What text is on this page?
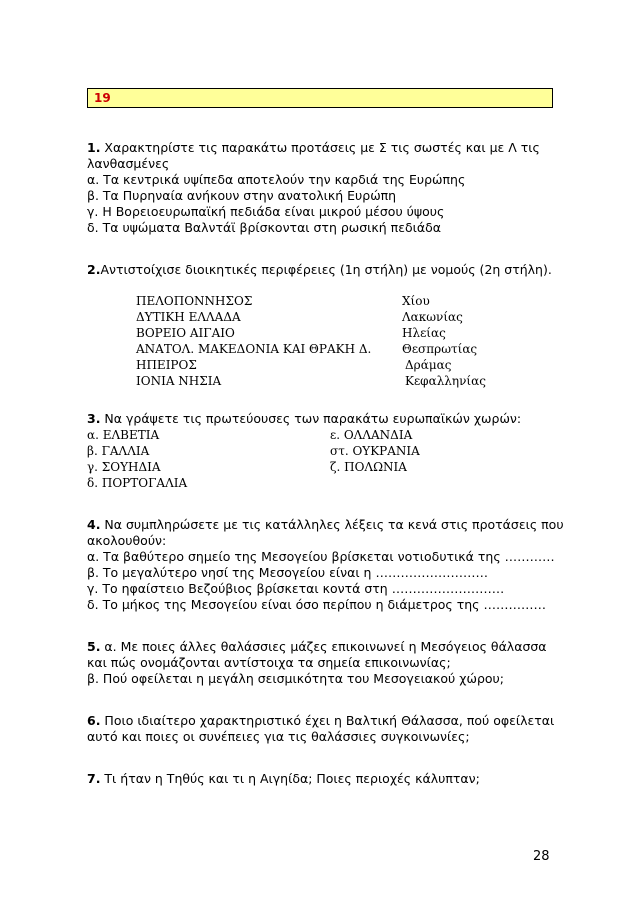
19
1. Χαρακτηρίστε τις παρακάτω προτάσεις με Σ τις σωστές και με Λ τις
λανθασμένες
α. Τα κεντρικά υψίπεδα αποτελούν την καρδιά της Ευρώπης
β. Τα Πυρηναία ανήκουν στην ανατολική Ευρώπη
γ. Η Βορειοευρωπαϊκή πεδιάδα είναι μικρού μέσου ύψους
δ. Τα υψώματα Βαλντάϊ βρίσκονται στη ρωσική πεδιάδα
2.Αντιστοίχισε διοικητικές περιφέρειες (1η στήλη) με νομούς (2η στήλη).
ΠΕΛΟΠΟΝΝΗΣΟΣ
ΔΥΤΙΚΗ ΕΛΛΑΔΑ
ΒΟΡΕΙΟ ΑΙΓΑΙΟ
ΑΝΑΤΟΛ. ΜΑΚΕΔΟΝΙΑ ΚΑΙ ΘΡΑΚΗ Δ.
ΗΠΕΙΡΟΣ
ΙΟΝΙΑ ΝΗΣΙΑ
Χίου
Λακωνίας
Ηλείας
Θεσπρωτίας
Δράμας
Κεφαλληνίας
3. Να γράψετε τις πρωτεύουσες των παρακάτω ευρωπαϊκών χωρών:
α. ΕΛΒΕΤΙΑ
β. ΓΑΛΛΙΑ
γ. ΣΟΥΗΔΙΑ
δ. ΠΟΡΤΟΓΑΛΙΑ
ε. ΟΛΛΑΝΔΙΑ
στ. ΟΥΚΡΑΝΙΑ
ζ. ΠΟΛΩΝΙΑ
4. Να συμπληρώσετε με τις κατάλληλες λέξεις τα κενά στις προτάσεις που
ακολουθούν:
α. Τα βαθύτερο σημείο της Μεσογείου βρίσκεται νοτιοδυτικά της …………
β. Το μεγαλύτερο νησί της Μεσογείου είναι η ………………………
γ. Το ηφαίστειο Βεζούβιος βρίσκεται κοντά στη ………………………
δ. Το μήκος της Μεσογείου είναι όσο περίπου η διάμετρος της ……………
5. α. Με ποιες άλλες θαλάσσιες μάζες επικοινωνεί η Μεσόγειος θάλασσα
και πώς ονομάζονται αντίστοιχα τα σημεία επικοινωνίας;
β. Πού οφείλεται η μεγάλη σεισμικότητα του Μεσογειακού χώρου;
6. Ποιο ιδιαίτερο χαρακτηριστικό έχει η Βαλτική Θάλασσα, πού οφείλεται
αυτό και ποιες οι συνέπειες για τις θαλάσσιες συγκοινωνίες;
7. Τι ήταν η Τηθύς και τι η Αιγηίδα; Ποιες περιοχές κάλυπταν;
28
